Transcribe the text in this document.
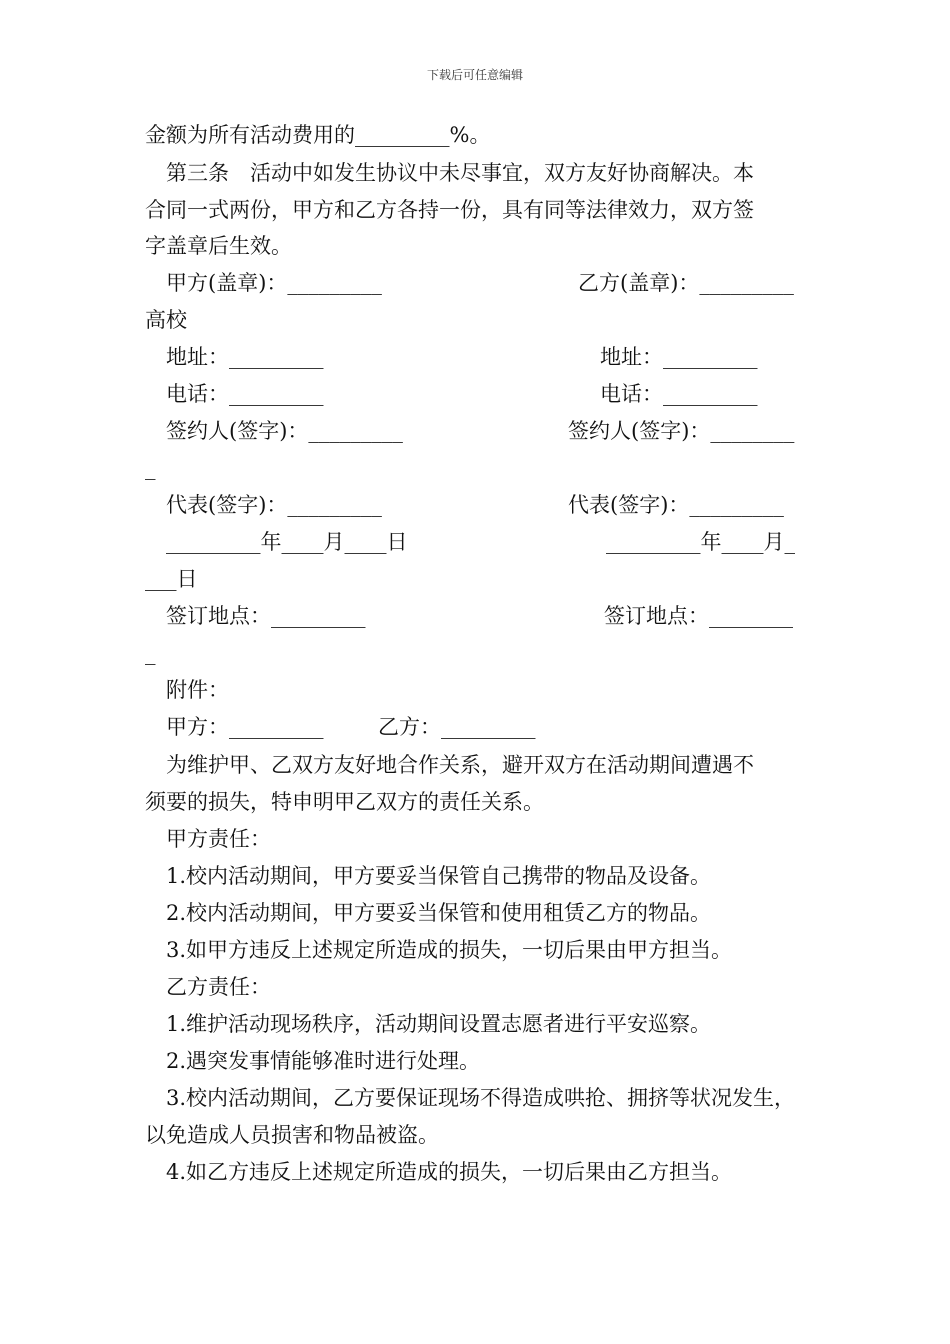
下载后可任意编辑
金额为所有活动费用的_________%。
第三条　活动中如发生协议中未尽事宜，双方友好协商解决。本
合同一式两份，甲方和乙方各持一份，具有同等法律效力，双方签
字盖章后生效。
甲方(盖章)：_________	乙方(盖章)：_________
高校
地址：_________	地址：_________
电话：_________	电话：_________
签约人(签字)：_________	签约人(签字)：________
_
代表(签字)：_________	代表(签字)：_________
_________年____月____日	_________年____月_
___日
签订地点：_________	签订地点：________
_
附件：
甲方：_________	乙方：_________
为维护甲、乙双方友好地合作关系，避开双方在活动期间遭遇不
须要的损失，特申明甲乙双方的责任关系。
甲方责任：
1.校内活动期间，甲方要妥当保管自己携带的物品及设备。
2.校内活动期间，甲方要妥当保管和使用租赁乙方的物品。
3.如甲方违反上述规定所造成的损失，一切后果由甲方担当。
乙方责任：
1.维护活动现场秩序，活动期间设置志愿者进行平安巡察。
2.遇突发事情能够准时进行处理。
3.校内活动期间，乙方要保证现场不得造成哄抢、拥挤等状况发生，
以免造成人员损害和物品被盗。
4.如乙方违反上述规定所造成的损失，一切后果由乙方担当。
